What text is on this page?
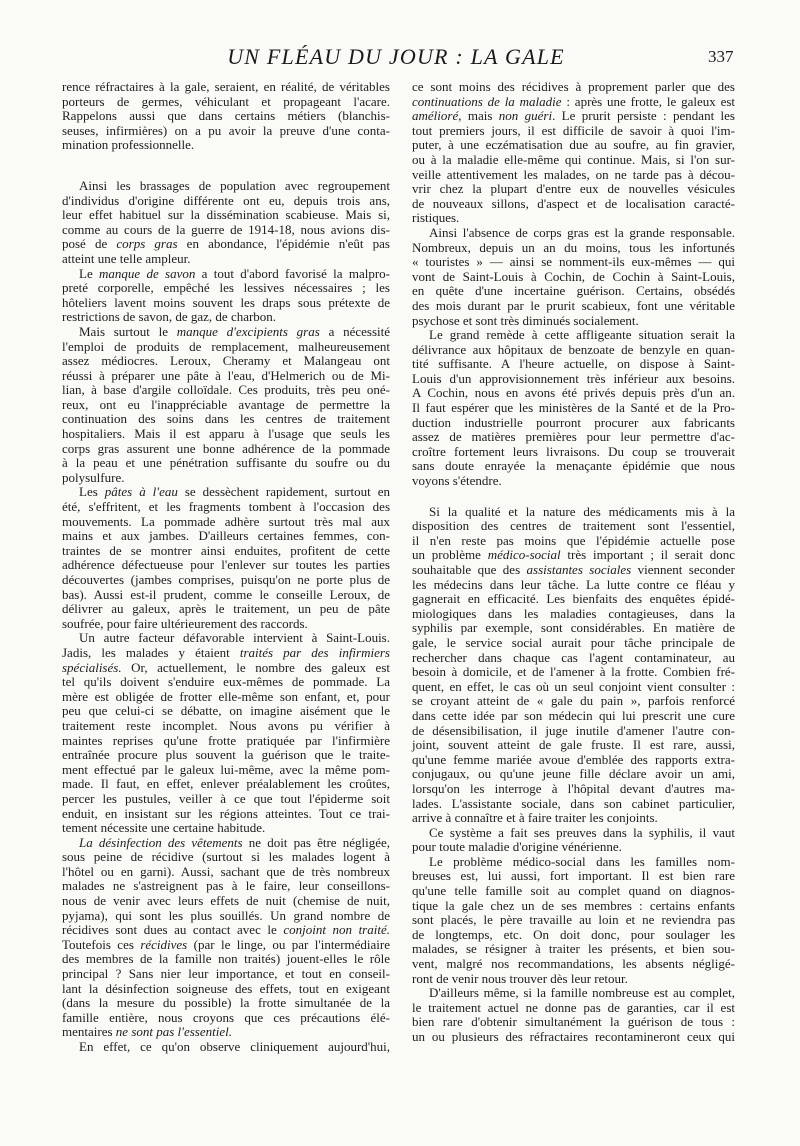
UN FLÉAU DU JOUR : LA GALE	337
rence réfractaires à la gale, seraient, en réalité, de véritables
porteurs de germes, véhiculant et propageant l'acare.
Rappelons aussi que dans certains métiers (blanchis-
seuses, infirmières) on a pu avoir la preuve d'une conta-
mination professionnelle.
Ainsi les brassages de population avec regroupement
d'individus d'origine différente ont eu, depuis trois ans,
leur effet habituel sur la dissémination scabieuse. Mais si,
comme au cours de la guerre de 1914-18, nous avions dis-
posé de corps gras en abondance, l'épidémie n'eût pas
atteint une telle ampleur.
Le manque de savon a tout d'abord favorisé la malpro-
preté corporelle, empêché les lessives nécessaires ; les
hôteliers lavent moins souvent les draps sous prétexte de
restrictions de savon, de gaz, de charbon.
Mais surtout le manque d'excipients gras a nécessité
l'emploi de produits de remplacement, malheureusement
assez médiocres. Leroux, Cheramy et Malangeau ont
réussi à préparer une pâte à l'eau, d'Helmerich ou de Mi-
lian, à base d'argile colloïdale. Ces produits, très peu oné-
reux, ont eu l'inappréciable avantage de permettre la
continuation des soins dans les centres de traitement
hospitaliers. Mais il est apparu à l'usage que seuls les
corps gras assurent une bonne adhérence de la pommade
à la peau et une pénétration suffisante du soufre ou du
polysulfure.
Les pâtes à l'eau se dessèchent rapidement, surtout en
été, s'effritent, et les fragments tombent à l'occasion des
mouvements. La pommade adhère surtout très mal aux
mains et aux jambes. D'ailleurs certaines femmes, con-
traintes de se montrer ainsi enduites, profitent de cette
adhérence défectueuse pour l'enlever sur toutes les parties
découvertes (jambes comprises, puisqu'on ne porte plus de
bas). Aussi est-il prudent, comme le conseille Leroux, de
délivrer au galeux, après le traitement, un peu de pâte
soufrée, pour faire ultérieurement des raccords.
Un autre facteur défavorable intervient à Saint-Louis.
Jadis, les malades y étaient traités par des infirmiers
spécialisés. Or, actuellement, le nombre des galeux est
tel qu'ils doivent s'enduire eux-mêmes de pommade. La
mère est obligée de frotter elle-même son enfant, et, pour
peu que celui-ci se débatte, on imagine aisément que le
traitement reste incomplet. Nous avons pu vérifier à
maintes reprises qu'une frotte pratiquée par l'infirmière
entraînée procure plus souvent la guérison que le traite-
ment effectué par le galeux lui-même, avec la même pom-
made. Il faut, en effet, enlever préalablement les croûtes,
percer les pustules, veiller à ce que tout l'épiderme soit
enduit, en insistant sur les régions atteintes. Tout ce trai-
tement nécessite une certaine habitude.
La désinfection des vêtements ne doit pas être négligée,
sous peine de récidive (surtout si les malades logent à
l'hôtel ou en garni). Aussi, sachant que de très nombreux
malades ne s'astreignent pas à le faire, leur conseillons-
nous de venir avec leurs effets de nuit (chemise de nuit,
pyjama), qui sont les plus souillés. Un grand nombre de
récidives sont dues au contact avec le conjoint non traité.
Toutefois ces récidives (par le linge, ou par l'intermédiaire
des membres de la famille non traités) jouent-elles le rôle
principal ? Sans nier leur importance, et tout en conseil-
lant la désinfection soigneuse des effets, tout en exigeant
(dans la mesure du possible) la frotte simultanée de la
famille entière, nous croyons que ces précautions élé-
mentaires ne sont pas l'essentiel.
En effet, ce qu'on observe cliniquement aujourd'hui,
ce sont moins des récidives à proprement parler que des
continuations de la maladie : après une frotte, le galeux est
amélioré, mais non guéri. Le prurit persiste : pendant les
tout premiers jours, il est difficile de savoir à quoi l'im-
puter, à une eczématisation due au soufre, au fin gravier,
ou à la maladie elle-même qui continue. Mais, si l'on sur-
veille attentivement les malades, on ne tarde pas à décou-
vrir chez la plupart d'entre eux de nouvelles vésicules
de nouveaux sillons, d'aspect et de localisation caracté-
ristiques.
Ainsi l'absence de corps gras est la grande responsable.
Nombreux, depuis un an du moins, tous les infortunés
« touristes » — ainsi se nomment-ils eux-mêmes — qui
vont de Saint-Louis à Cochin, de Cochin à Saint-Louis,
en quête d'une incertaine guérison. Certains, obsédés
des mois durant par le prurit scabieux, font une véritable
psychose et sont très diminués socialement.
Le grand remède à cette affligeante situation serait la
délivrance aux hôpitaux de benzoate de benzyle en quan-
tité suffisante. A l'heure actuelle, on dispose à Saint-
Louis d'un approvisionnement très inférieur aux besoins.
A Cochin, nous en avons été privés depuis près d'un an.
Il faut espérer que les ministères de la Santé et de la Pro-
duction industrielle pourront procurer aux fabricants
assez de matières premières pour leur permettre d'ac-
croître fortement leurs livraisons. Du coup se trouverait
sans doute enrayée la menaçante épidémie que nous
voyons s'étendre.
Si la qualité et la nature des médicaments mis à la
disposition des centres de traitement sont l'essentiel,
il n'en reste pas moins que l'épidémie actuelle pose
un problème médico-social très important ; il serait donc
souhaitable que des assistantes sociales viennent seconder
les médecins dans leur tâche. La lutte contre ce fléau y
gagnerait en efficacité. Les bienfaits des enquêtes épidé-
miologiques dans les maladies contagieuses, dans la
syphilis par exemple, sont considérables. En matière de
gale, le service social aurait pour tâche principale de
rechercher dans chaque cas l'agent contaminateur, au
besoin à domicile, et de l'amener à la frotte. Combien fré-
quent, en effet, le cas où un seul conjoint vient consulter :
se croyant atteint de « gale du pain », parfois renforcé
dans cette idée par son médecin qui lui prescrit une cure
de désensibilisation, il juge inutile d'amener l'autre con-
joint, souvent atteint de gale fruste. Il est rare, aussi,
qu'une femme mariée avoue d'emblée des rapports extra-
conjugaux, ou qu'une jeune fille déclare avoir un ami,
lorsqu'on les interroge à l'hôpital devant d'autres ma-
lades. L'assistante sociale, dans son cabinet particulier,
arrive à connaître et à faire traiter les conjoints.
Ce système a fait ses preuves dans la syphilis, il vaut
pour toute maladie d'origine vénérienne.
Le problème médico-social dans les familles nom-
breuses est, lui aussi, fort important. Il est bien rare
qu'une telle famille soit au complet quand on diagnos-
tique la gale chez un de ses membres : certains enfants
sont placés, le père travaille au loin et ne reviendra pas
de longtemps, etc. On doit donc, pour soulager les
malades, se résigner à traiter les présents, et bien sou-
vent, malgré nos recommandations, les absents négligé-
ront de venir nous trouver dès leur retour.
D'ailleurs même, si la famille nombreuse est au complet,
le traitement actuel ne donne pas de garanties, car il est
bien rare d'obtenir simultanément la guérison de tous :
un ou plusieurs des réfractaires recontamineront ceux qui
